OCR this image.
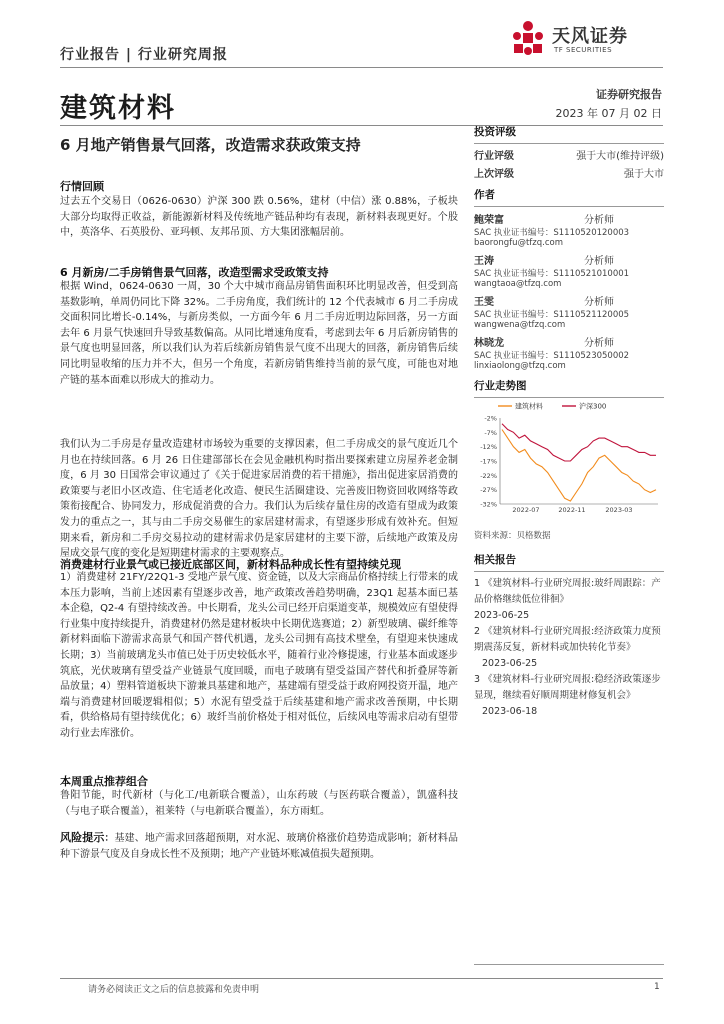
行业报告 | 行业研究周报
天风证券
TF SECURITIES
建筑材料	证券研究报告
2023 年 07 月 02 日
6 月地产销售景气回落，改造需求获政策支持
行情回顾
过去五个交易日（0626-0630）沪深 300 跌 0.56%，建材（中信）涨 0.88%，子板块大部分均取得正收益，新能源新材料及传统地产链品种均有表现，新材料表现更好。个股中，英洛华、石英股份、亚玛顿、友邦吊顶、方大集团涨幅居前。
6 月新房/二手房销售景气回落，改造型需求受政策支持
根据 Wind，0624-0630 一周，30 个大中城市商品房销售面积环比明显改善，但受到高基数影响，单周仍同比下降 32%。二手房角度，我们统计的 12 个代表城市 6 月二手房成交面积同比增长-0.14%，与新房类似，一方面今年 6 月二手房近明边际回落，另一方面去年 6 月景气快速回升导致基数偏高。从同比增速角度看，考虑到去年 6 月后新房销售的景气度也明显回落，所以我们认为若后续新房销售景气度不出现大的回落，新房销售后续同比明显收缩的压力并不大，但另一个角度，若新房销售维持当前的景气度，可能也对地产链的基本面难以形成大的推动力。
我们认为二手房是存量改造建材市场较为重要的支撑因素，但二手房成交的景气度近几个月也在持续回落。6 月 26 日住建部部长在会见金融机构时指出要探索建立房屋养老金制度，6 月 30 日国常会审议通过了《关于促进家居消费的若干措施》，指出促进家居消费的政策要与老旧小区改造、住宅适老化改造、便民生活圈建设、完善废旧物资回收网络等政策衔接配合、协同发力，形成促消费的合力。我们认为后续存量住房的改造有望成为政策发力的重点之一，其与由二手房交易催生的家居建材需求，有望逐步形成有效补充。但短期来看，新房和二手房交易拉动的建材需求仍是家居建材的主要下游，后续地产政策及房屋成交景气度的变化是短期建材需求的主要观察点。
消费建材行业景气或已接近底部区间，新材料品种成长性有望持续兑现
1）消费建材 21FY/22Q1-3 受地产景气度、资金链，以及大宗商品价格持续上行带来的成本压力影响，当前上述因素有望逐步改善，地产政策改善趋势明确，23Q1 起基本面已基本企稳，Q2-4 有望持续改善。中长期看，龙头公司已经开启渠道变革，规模效应有望使得行业集中度持续提升，消费建材仍然是建材板块中长期优选赛道；2）新型玻璃、碳纤维等新材料面临下游需求高景气和国产替代机遇，龙头公司拥有高技术壁垒，有望迎来快速成长期；3）当前玻璃龙头市值已处于历史较低水平，随着行业冷修提速，行业基本面或逐步筑底，光伏玻璃有望受益产业链景气度回暖，而电子玻璃有望受益国产替代和折叠屏等新品放量；4）塑料管道板块下游兼具基建和地产，基建端有望受益于政府网投资开温，地产端与消费建材回暖逻辑相似；5）水泥有望受益于后续基建和地产需求改善预期，中长期看，供给格局有望持续优化；6）玻纤当前价格处于相对低位，后续风电等需求启动有望带动行业去库涨价。
本周重点推荐组合
鲁阳节能，时代新材（与化工/电新联合覆盖），山东药玻（与医药联合覆盖），凯盛科技（与电子联合覆盖），祖莱特（与电新联合覆盖），东方雨虹。
风险提示：基建、地产需求回落超预期，对水泥、玻璃价格涨价趋势造成影响；新材料品种下游景气度及自身成长性不及预期；地产产业链坏账减值损失超预期。
投资评级
行业评级	强于大市(维持评级)
上次评级	强于大市
作者
鲍荣富	分析师
SAC 执业证书编号：S1110520120003
baorongfu@tfzq.com
王涛	分析师
SAC 执业证书编号：S1110521010001
wangtaoa@tfzq.com
王雯	分析师
SAC 执业证书编号：S1110521120005
wangwena@tfzq.com
林晓龙	分析师
SAC 执业证书编号：S1110523050002
linxiaolong@tfzq.com
行业走势图
-2%
-7%
-12%
-17%
-22%
-27%
-32%
2022-07	2022-11	2023-03
建筑材料	沪深300
资料来源：贝格数据
相关报告
1 《建筑材料-行业研究周报:玻纤周跟踪：产品价格继续低位徘徊》
2023-06-25
2 《建筑材料-行业研究周报:经济政策力度预期震荡反复，新材料或加快转化节奏》 2023-06-25
3 《建筑材料-行业研究周报:稳经济政策逐步显现，继续看好顺周期建材修复机会》 2023-06-18
请务必阅读正文之后的信息披露和免责申明	1
